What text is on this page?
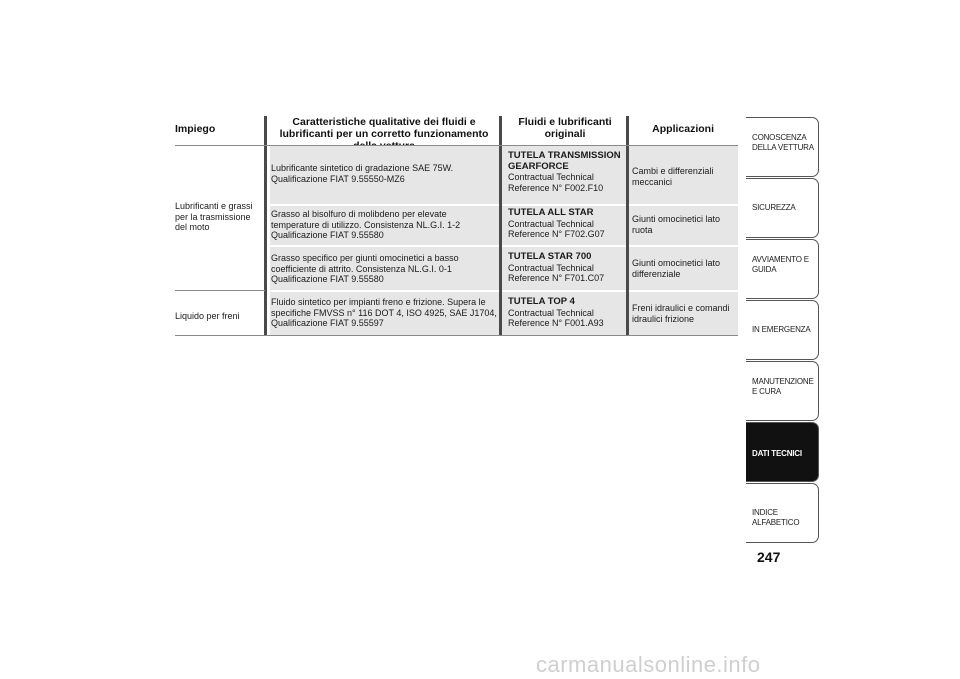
Impiego
Caratteristiche qualitative dei fluidi e lubrificanti per un corretto funzionamento
Fluidi e lubrificanti originali	Applicazioni
Lubrificanti e grassi per la trasmissione del moto
Liquido per freni
Lubrificante sintetico di gradazione SAE 75W. Qualificazione FIAT 9.55550-MZ6
TUTELA TRANSMISSION GEARFORCE
Contractual Technical Reference N° F002.F10
Cambi e differenziali meccanici
Grasso al bisolfuro di molibdeno per elevate temperature di utilizzo. Consistenza NL.G.I. 1-2 Qualificazione FIAT 9.55580
TUTELA ALL STAR
Contractual Technical Reference N° F702.G07
Giunti omocinetici lato ruota
Grasso specifico per giunti omocinetici a basso coefficiente di attrito. Consistenza NL.G.I. 0-1 Qualificazione FIAT 9.55580
TUTELA STAR 700
Contractual Technical Reference N° F701.C07
Giunti omocinetici lato differenziale
Fluido sintetico per impianti freno e frizione. Supera le specifiche FMVSS n° 116 DOT 4, ISO 4925, SAE J1704, Qualificazione FIAT 9.55597
TUTELA TOP 4
Contractual Technical Reference N° F001.A93
Freni idraulici e comandi idraulici frizione
CONOSCENZA DELLA VETTURA
SICUREZZA
AVVIAMENTO E GUIDA
IN EMERGENZA
MANUTENZIONE E CURA
DATI TECNICI
INDICE ALFABETICO
247
carmanualsonline.info
